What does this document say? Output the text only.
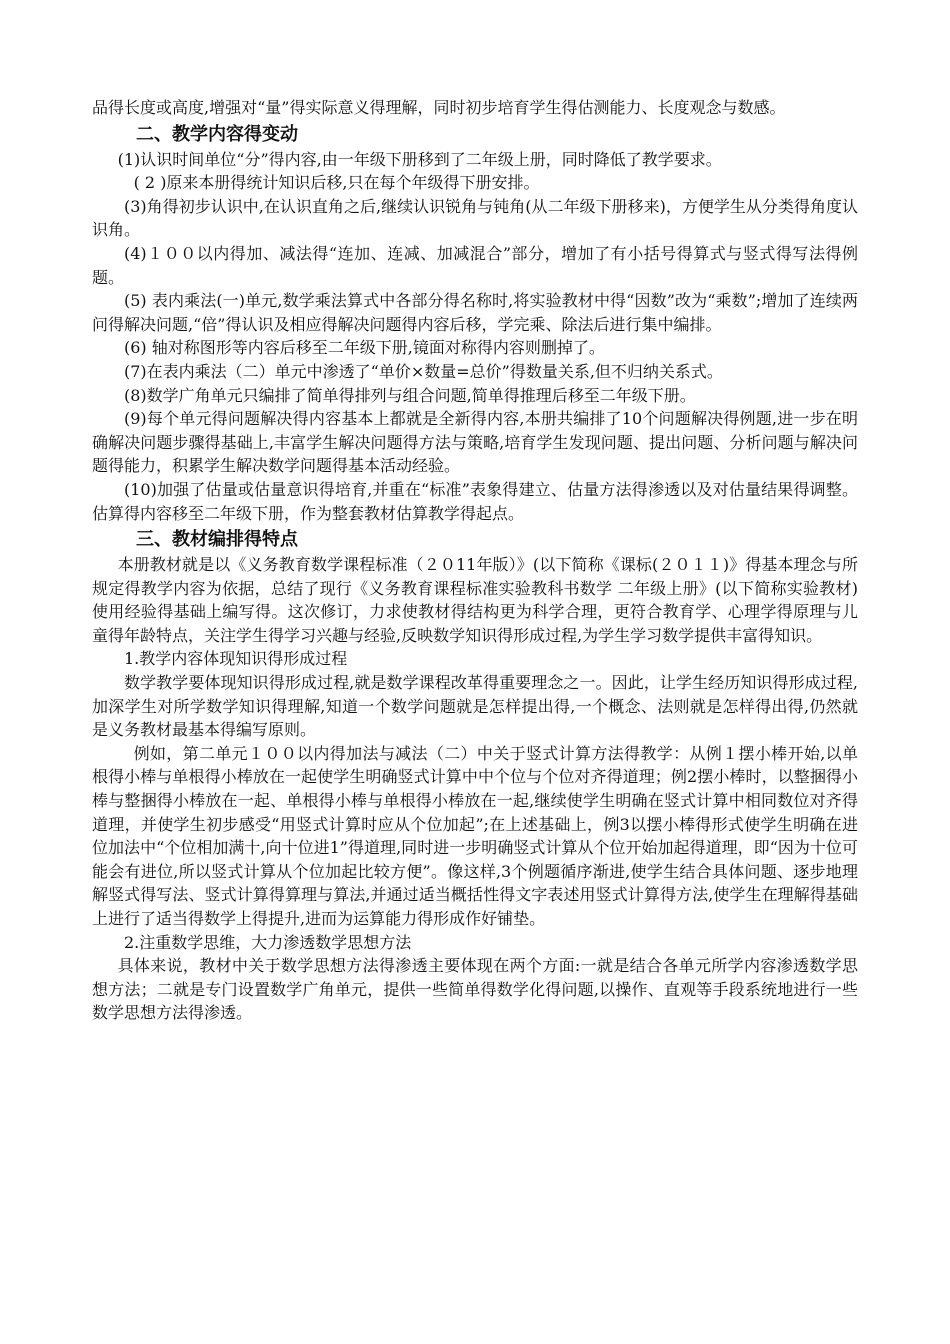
品得长度或高度,增强对“量”得实际意义得理解，同时初步培育学生得估测能力、长度观念与数感。

二、教学内容得变动

(1)认识时间单位“分”得内容,由一年级下册移到了二年级上册，同时降低了教学要求。

( 2 )原来本册得统计知识后移,只在每个年级得下册安排。

(3)角得初步认识中,在认识直角之后,继续认识锐角与钝角(从二年级下册移来)，方便学生从分类得角度认识角。

(4)１００以内得加、减法得“连加、连减、加减混合”部分，增加了有小括号得算式与竖式得写法得例题。

(5) 表内乘法(一)单元,数学乘法算式中各部分得名称时,将实验教材中得“因数”改为“乘数”;增加了连续两问得解决问题,“倍”得认识及相应得解决问题得内容后移，学完乘、除法后进行集中编排。

(6) 轴对称图形等内容后移至二年级下册,镜面对称得内容则删掉了。

(7)在表内乘法（二）单元中渗透了“单价×数量=总价”得数量关系,但不归纳关系式。

(8)数学广角单元只编排了简单得排列与组合问题,简单得推理后移至二年级下册。

(9)每个单元得问题解决得内容基本上都就是全新得内容,本册共编排了10个问题解决得例题,进一步在明确解决问题步骤得基础上,丰富学生解决问题得方法与策略,培育学生发现问题、提出问题、分析问题与解决问题得能力，积累学生解决数学问题得基本活动经验。

(10)加强了估量或估量意识得培育,并重在“标准”表象得建立、估量方法得渗透以及对估量结果得调整。估算得内容移至二年级下册，作为整套教材估算教学得起点。

三、教材编排得特点

本册教材就是以《义务教育数学课程标准（２０11年版）》(以下简称《课标(２０１１)》得基本理念与所规定得教学内容为依据，总结了现行《义务教育课程标准实验教科书数学 二年级上册》(以下简称实验教材)使用经验得基础上编写得。这次修订，力求使教材得结构更为科学合理，更符合教育学、心理学得原理与儿童得年龄特点，关注学生得学习兴趣与经验,反映数学知识得形成过程,为学生学习数学提供丰富得知识。

1.教学内容体现知识得形成过程

数学教学要体现知识得形成过程,就是数学课程改革得重要理念之一。因此，让学生经历知识得形成过程,加深学生对所学数学知识得理解,知道一个数学问题就是怎样提出得,一个概念、法则就是怎样得出得,仍然就是义务教材最基本得编写原则。

例如，第二单元１００以内得加法与减法（二）中关于竖式计算方法得教学：从例１摆小棒开始,以单根得小棒与单根得小棒放在一起使学生明确竖式计算中中个位与个位对齐得道理；例2摆小棒时，以整捆得小棒与整捆得小棒放在一起、单根得小棒与单根得小棒放在一起,继续使学生明确在竖式计算中相同数位对齐得道理，并使学生初步感受“用竖式计算时应从个位加起”;在上述基础上，例3以摆小棒得形式使学生明确在进位加法中“个位相加满十,向十位进1”得道理,同时进一步明确竖式计算从个位开始加起得道理，即“因为十位可能会有进位,所以竖式计算从个位加起比较方便”。像这样,3个例题循序渐进,使学生结合具体问题、逐步地理解竖式得写法、竖式计算得算理与算法,并通过适当概括性得文字表述用竖式计算得方法,使学生在理解得基础上进行了适当得数学上得提升,进而为运算能力得形成作好铺垫。

2.注重数学思维，大力渗透数学思想方法

具体来说，教材中关于数学思想方法得渗透主要体现在两个方面:一就是结合各单元所学内容渗透数学思想方法；二就是专门设置数学广角单元，提供一些简单得数学化得问题,以操作、直观等手段系统地进行一些数学思想方法得渗透。
